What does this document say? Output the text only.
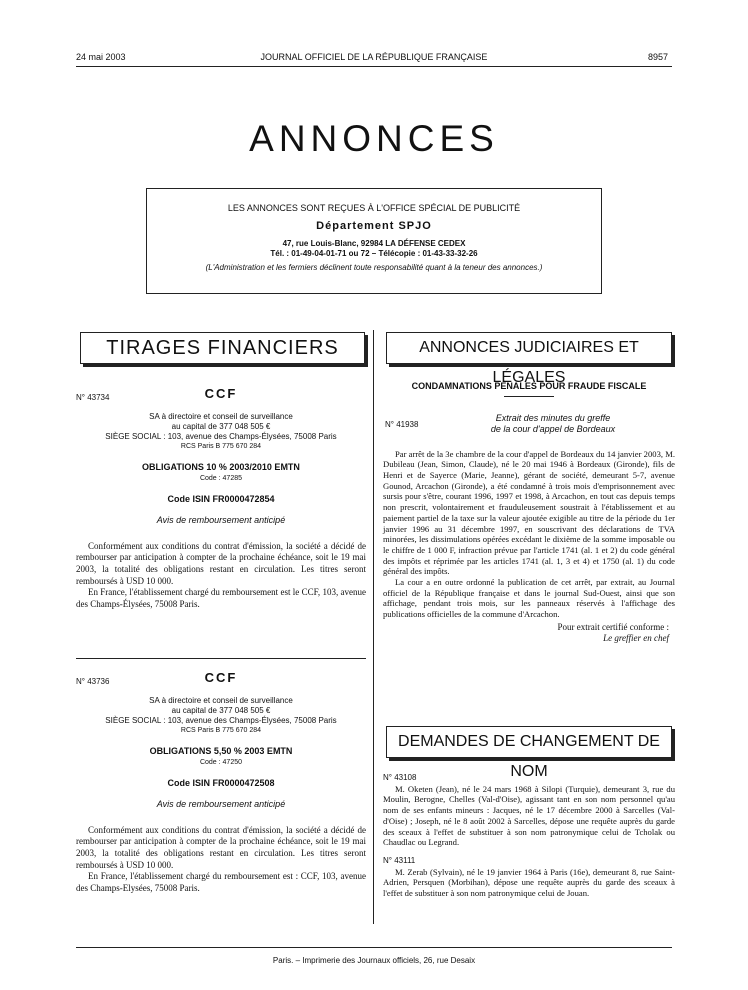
24 mai 2003	JOURNAL OFFICIEL DE LA RÉPUBLIQUE FRANÇAISE	8957
ANNONCES
LES ANNONCES SONT REÇUES À L'OFFICE SPÉCIAL DE PUBLICITÉ
Département SPJO
47, rue Louis-Blanc, 92984 LA DÉFENSE CEDEX
Tél. : 01-49-04-01-71 ou 72 – Télécopie : 01-43-33-32-26
(L'Administration et les fermiers déclinent toute responsabilité quant à la teneur des annonces.)
TIRAGES FINANCIERS
N° 43734	CCF
SA à directoire et conseil de surveillance
au capital de 377 048 505 €
SIÈGE SOCIAL : 103, avenue des Champs-Élysées, 75008 Paris
RCS Paris B 775 670 284
OBLIGATIONS 10 % 2003/2010 EMTN
Code : 47285
Code ISIN FR0000472854
Avis de remboursement anticipé

Conformément aux conditions du contrat d'émission, la société a décidé de rembourser par anticipation à compter de la prochaine échéance, soit le 19 mai 2003, la totalité des obligations restant en circulation. Les titres seront remboursés à USD 10 000.

En France, l'établissement chargé du remboursement est le CCF, 103, avenue des Champs-Élysées, 75008 Paris.

N° 43736	CCF
SA à directoire et conseil de surveillance
au capital de 377 048 505 €
SIÈGE SOCIAL : 103, avenue des Champs-Élysées, 75008 Paris
RCS Paris B 775 670 284
OBLIGATIONS 5,50 % 2003 EMTN
Code : 47250
Code ISIN FR0000472508
Avis de remboursement anticipé

Conformément aux conditions du contrat d'émission, la société a décidé de rembourser par anticipation à compter de la prochaine échéance, soit le 19 mai 2003, la totalité des obligations restant en circulation. Les titres seront remboursés à USD 10 000.

En France, l'établissement chargé du remboursement est : CCF, 103, avenue des Champs-Elysées, 75008 Paris.

ANNONCES JUDICIAIRES ET LÉGALES
CONDAMNATIONS PÉNALES POUR FRAUDE FISCALE
N° 41938
Extrait des minutes du greffe
de la cour d'appel de Bordeaux

Par arrêt de la 3e chambre de la cour d'appel de Bordeaux du 14 janvier 2003, M. Dubileau (Jean, Simon, Claude), né le 20 mai 1946 à Bordeaux (Gironde), fils de Henri et de Sayerce (Marie, Jeanne), gérant de société, demeurant 5-7, avenue Gounod, Arcachon (Gironde), a été condamné à trois mois d'emprisonnement avec sursis pour s'être, courant 1996, 1997 et 1998, à Arcachon, en tout cas depuis temps non prescrit, volontairement et frauduleusement soustrait à l'établissement et au paiement partiel de la taxe sur la valeur ajoutée exigible au titre de la période du 1er janvier 1996 au 31 décembre 1997, en souscrivant des déclarations de TVA minorées, les dissimulations opérées excédant le dixième de la somme imposable ou le chiffre de 1 000 F, infraction prévue par l'article 1741 (al. 1 et 2) du code général des impôts et réprimée par les articles 1741 (al. 1, 3 et 4) et 1750 (al. 1) du code général des impôts.

La cour a en outre ordonné la publication de cet arrêt, par extrait, au Journal officiel de la République française et dans le journal Sud-Ouest, ainsi que son affichage, pendant trois mois, sur les panneaux réservés à l'affichage des publications officielles de la commune d'Arcachon.

Pour extrait certifié conforme :
Le greffier en chef
DEMANDES DE CHANGEMENT DE NOM
N° 43108

M. Oketen (Jean), né le 24 mars 1968 à Silopi (Turquie), demeurant 3, rue du Moulin, Berogne, Chelles (Val-d'Oise), agissant tant en son nom personnel qu'au nom de ses enfants mineurs : Jacques, né le 17 décembre 2000 à Sarcelles (Val-d'Oise) ; Joseph, né le 8 août 2002 à Sarcelles, dépose une requête auprès du garde des sceaux à l'effet de substituer à son nom patronymique celui de Tcholak ou Chaudlac ou Legrand.

N° 43111

M. Zerab (Sylvain), né le 19 janvier 1964 à Paris (16e), demeurant 8, rue Saint-Adrien, Persquen (Morbihan), dépose une requête auprès du garde des sceaux à l'effet de substituer à son nom patronymique celui de Jouan.

Paris. – Imprimerie des Journaux officiels, 26, rue Desaix
